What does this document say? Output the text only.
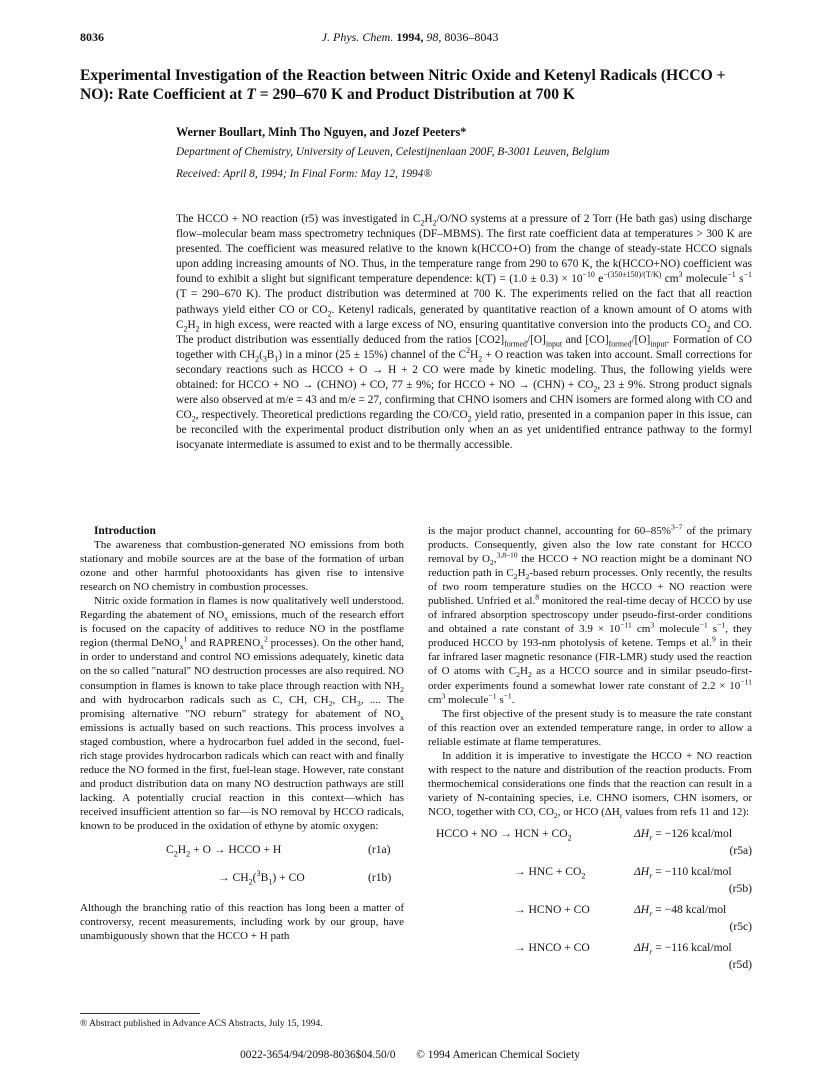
8036	J. Phys. Chem. 1994, 98, 8036–8043
Experimental Investigation of the Reaction between Nitric Oxide and Ketenyl Radicals (HCCO + NO): Rate Coefficient at T = 290–670 K and Product Distribution at 700 K
Werner Boullart, Minh Tho Nguyen, and Jozef Peeters*
Department of Chemistry, University of Leuven, Celestijnenlaan 200F, B-3001 Leuven, Belgium
Received: April 8, 1994; In Final Form: May 12, 1994®
The HCCO + NO reaction (r5) was investigated in $C_2H_2/O/NO$ systems at a pressure of 2 Torr (He bath gas) using discharge flow–molecular beam mass spectrometry techniques (DF–MBMS). The first rate coefficient data at temperatures > 300 K are presented. The coefficient was measured relative to the known k(HCCO+O) from the change of steady-state HCCO signals upon adding increasing amounts of NO. Thus, in the temperature range from 290 to 670 K, the k(HCCO+NO) coefficient was found to exhibit a slight but significant temperature dependence: $k(T) = (1.0 \pm 0.3) \times 10^{-10}$ $e^{-(350\pm 150)/(T/K)}$ $cm^3$ molecule$^{-1}$ $s^{-1}$ (T = 290–670 K). The product distribution was determined at 700 K. The experiments relied on the fact that all reaction pathways yield either CO or $CO_2$. Ketenyl radicals, generated by quantitative reaction of a known amount of O atoms with $C_2H_2$ in high excess, were reacted with a large excess of NO, ensuring quantitative conversion into the products $CO_2$ and CO. The product distribution was essentially deduced from the ratios $[CO2]_{formed}/[O]_{input}$ and $[CO]_{formed}/[O]_{input}$. Formation of CO together with $CH_2(_3B_1)$ in a minor (25 ± 15%) channel of the $C^2H_2 + O$ reaction was taken into account. Small corrections for secondary reactions such as HCCO + O → H + 2 CO were made by kinetic modeling. Thus, the following yields were obtained: for HCCO + NO → (CHNO) + CO, 77 ± 9%; for HCCO + NO → $(CHN) + CO_2$, 23 ± 9%. Strong product signals were also observed at m/e = 43 and m/e = 27, confirming that CHNO isomers and CHN isomers are formed along with CO and $CO_2$, respectively. Theoretical predictions regarding the $CO/CO_2$ yield ratio, presented in a companion paper in this issue, can be reconciled with the experimental product distribution only when an as yet unidentified entrance pathway to the formyl isocyanate intermediate is assumed to exist and to be thermally accessible.

Introduction

The awareness that combustion-generated NO emissions from both stationary and mobile sources are at the base of the formation of urban ozone and other harmful photooxidants has given rise to intensive research on NO chemistry in combustion processes.

Nitric oxide formation in flames is now qualitatively well understood. Regarding the abatement of $NO_x$ emissions, much of the research effort is focused on the capacity of additives to reduce NO in the postflame region (thermal DeNO$_x^1$ and $RAPRENO_x^2$ processes). On the other hand, in order to understand and control NO emissions adequately, kinetic data on the so called "natural" NO destruction processes are also required. NO consumption in flames is known to take place through reaction with $NH_2$ and with hydrocarbon radicals such as C, CH, $CH_2$, $CH_3$, .... The promising alternative "NO reburn" strategy for abatement of $NO_x$ emissions is actually based on such reactions. This process involves a staged combustion, where a hydrocarbon fuel added in the second, fuel-rich stage provides hydrocarbon radicals which can react with and finally reduce the NO formed in the first, fuel-lean stage. However, rate constant and product distribution data on many NO destruction pathways are still lacking. A potentially crucial reaction in this context—which has received insufficient attention so far—is NO removal by HCCO radicals, known to be produced in the oxidation of ethyne by atomic oxygen:

$C_2H_2 + O$ → HCCO + H	(r1a)
→ $CH_2(^3B_1)$ + CO	(r1b)

Although the branching ratio of this reaction has long been a matter of controversy, recent measurements, including work by our group, have unambiguously shown that the HCCO + H path

is the major product channel, accounting for 60–85%$^{3-7}$ of the primary products. Consequently, given also the low rate constant for HCCO removal by $O_2,^{3,8-10}$ the HCCO + NO reaction might be a dominant NO reduction path in $C_2H_2$-based reburn processes. Only recently, the results of two room temperature studies on the HCCO + NO reaction were published. Unfried et al.$^8$ monitored the real-time decay of HCCO by use of infrared absorption spectroscopy under pseudo-first-order conditions and obtained a rate constant of $3.9 \times 10^{-11}$ $cm^3$ molecule$^{-1}$ $s^{-1}$, they produced HCCO by 193-nm photolysis of ketene. Temps et al.$^9$ in their far infrared laser magnetic resonance (FIR-LMR) study used the reaction of O atoms with $C_2H_2$ as a HCCO source and in similar pseudo-first-order experiments found a somewhat lower rate constant of $2.2 \times 10^{-11}$ $cm^3$ molecule$^{-1}$ $s^{-1}$.

The first objective of the present study is to measure the rate constant of this reaction over an extended temperature range, in order to allow a reliable estimate at flame temperatures.

In addition it is imperative to investigate the HCCO + NO reaction with respect to the nature and distribution of the reaction products. From thermochemical considerations one finds that the reaction can result in a variety of N-containing species, i.e. CHNO isomers, CHN isomers, or NCO, together with CO, $CO_2$, or HCO ($\Delta H_r$ values from refs 11 and 12):

HCCO + NO → HCN + $CO_2$	$\Delta H_r = -126$ kcal/mol
(r5a)
→ HNC + $CO_2$	$\Delta H_r = -110$ kcal/mol
(r5b)
→ HCNO + CO	$\Delta H_r = -48$ kcal/mol
(r5c)
→ HNCO + CO	$\Delta H_r = -116$ kcal/mol
(r5d)
® Abstract published in Advance ACS Abstracts, July 15, 1994.
0022-3654/94/2098-8036$04.50/0 © 1994 American Chemical Society
